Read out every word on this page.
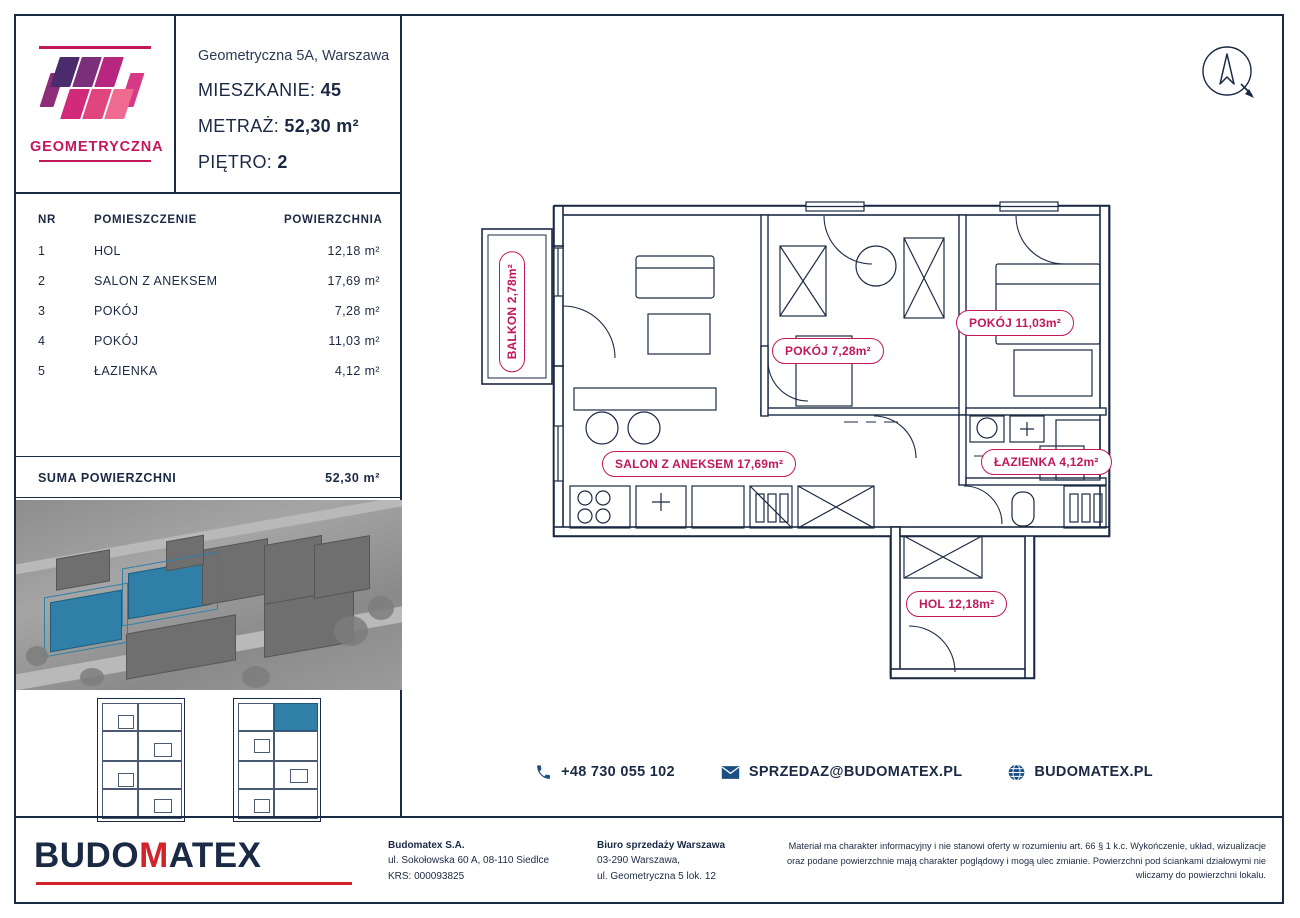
GEOMETRYCZNA
Geometryczna 5A, Warszawa
MIESZKANIE: 45
METRAŻ: 52,30 m²
PIĘTRO: 2
NR	POMIESZCZENIE	POWIERZCHNIA
1	HOL	12,18 m²
2	SALON Z ANEKSEM	17,69 m²
3	POKÓJ	7,28 m²
4	POKÓJ	11,03 m²
5	ŁAZIENKA	4,12 m²
SUMA POWIERZCHNI	52,30 m²
BALKON 2,78m²	POKÓJ 7,28m²
POKÓJ 11,03m²
SALON Z ANEKSEM 17,69m²	ŁAZIENKA 4,12m²
HOL 12,18m²
+48 730 055 102	SPRZEDAZ@BUDOMATEX.PL	BUDOMATEX.PL
BUDOMATEX	Budomatex S.A.
ul. Sokołowska 60 A, 08-110 Siedlce
KRS: 000093825
Biuro sprzedaży Warszawa
03-290 Warszawa,
ul. Geometryczna 5 lok. 12
Materiał ma charakter informacyjny i nie stanowi oferty w rozumieniu art. 66 § 1 k.c. Wykończenie, układ, wizualizacje oraz podane powierzchnie mają charakter poglądowy i mogą ulec zmianie. Powierzchni pod ściankami działowymi nie wliczamy do powierzchni lokalu.
